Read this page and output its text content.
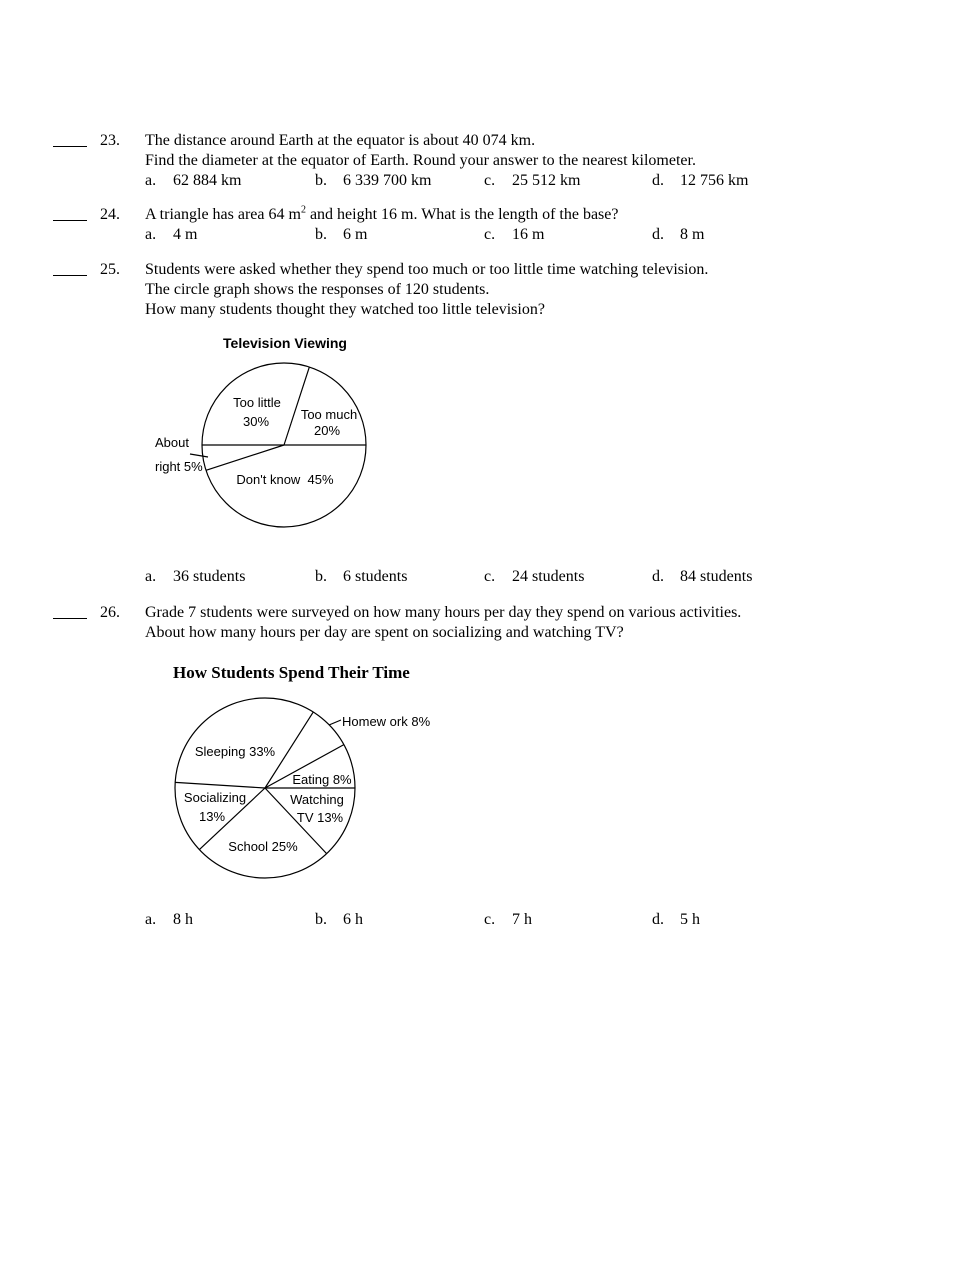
23. The distance around Earth at the equator is about 40 074 km.
Find the diameter at the equator of Earth. Round your answer to the nearest kilometer.
a. 62 884 km	b. 6 339 700 km	c. 25 512 km	d. 12 756 km
24. A triangle has area 64 $m^2$ and height 16 m. What is the length of the base?
a. 4 m	b. 6 m	c. 16 m	d. 8 m
25. Students were asked whether they spend too much or too little time watching television.
The circle graph shows the responses of 120 students.
How many students thought they watched too little television?
Television Viewing
Too little
30%	Too much
20%
About
right 5%
Don't know  45%
a. 36 students	b. 6 students	c. 24 students	d. 84 students
26. Grade 7 students were surveyed on how many hours per day they spend on various activities.
About how many hours per day are spent on socializing and watching TV?
How Students Spend Their Time
Sleeping 33%
Homew ork 8%
Eating 8%
Socializing
13%
Watching
TV 13%
School 25%
a. 8 h	b. 6 h	c. 7 h	d. 5 h
